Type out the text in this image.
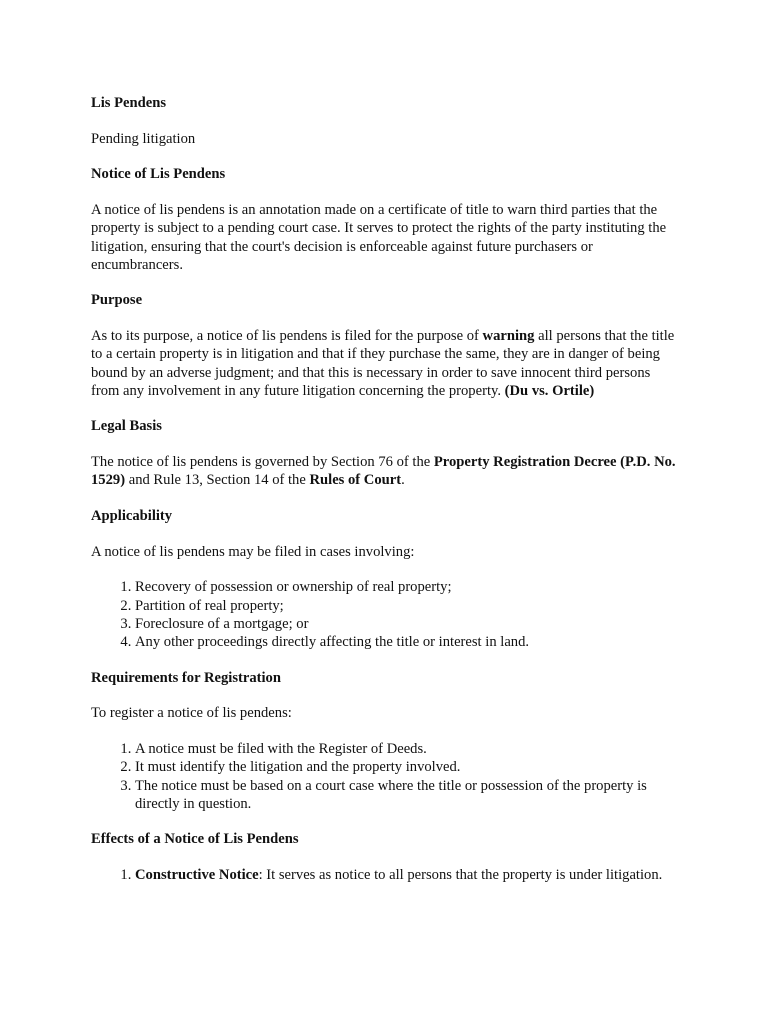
Lis Pendens

Pending litigation

Notice of Lis Pendens

A notice of lis pendens is an annotation made on a certificate of title to warn third parties that the property is subject to a pending court case. It serves to protect the rights of the party instituting the litigation, ensuring that the court's decision is enforceable against future purchasers or encumbrancers.

Purpose

As to its purpose, a notice of lis pendens is filed for the purpose of warning all persons that the title to a certain property is in litigation and that if they purchase the same, they are in danger of being bound by an adverse judgment; and that this is necessary in order to save innocent third persons from any involvement in any future litigation concerning the property. (Du vs. Ortile)

Legal Basis

The notice of lis pendens is governed by Section 76 of the Property Registration Decree (P.D. No. 1529) and Rule 13, Section 14 of the Rules of Court.

Applicability

A notice of lis pendens may be filed in cases involving:

1. Recovery of possession or ownership of real property;
2. Partition of real property;
3. Foreclosure of a mortgage; or
4. Any other proceedings directly affecting the title or interest in land.
Requirements for Registration

To register a notice of lis pendens:

1. A notice must be filed with the Register of Deeds.
2. It must identify the litigation and the property involved.
3. The notice must be based on a court case where the title or possession of the property is directly in question.
Effects of a Notice of Lis Pendens
1. Constructive Notice: It serves as notice to all persons that the property is under litigation.
